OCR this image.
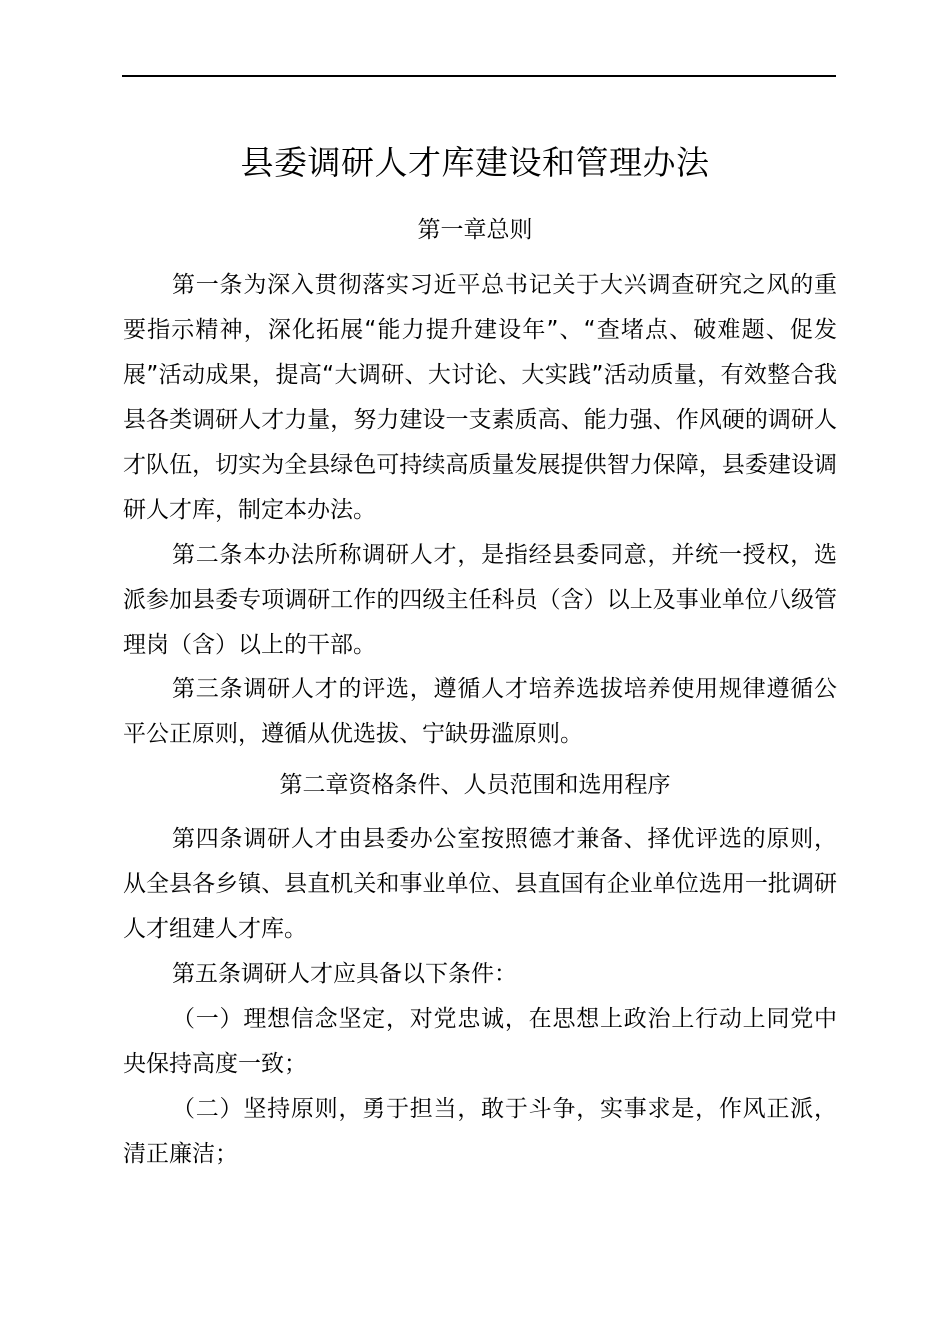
县委调研人才库建设和管理办法
第一章总则
第一条为深入贯彻落实习近平总书记关于大兴调查研究之风的重要指示精神，深化拓展“能力提升建设年”、“查堵点、破难题、促发展”活动成果，提高“大调研、大讨论、大实践”活动质量，有效整合我县各类调研人才力量，努力建设一支素质高、能力强、作风硬的调研人才队伍，切实为全县绿色可持续高质量发展提供智力保障，县委建设调研人才库，制定本办法。
第二条本办法所称调研人才，是指经县委同意，并统一授权，选派参加县委专项调研工作的四级主任科员（含）以上及事业单位八级管理岗（含）以上的干部。
第三条调研人才的评选，遵循人才培养选拔培养使用规律遵循公平公正原则，遵循从优选拔、宁缺毋滥原则。
第二章资格条件、人员范围和选用程序
第四条调研人才由县委办公室按照德才兼备、择优评选的原则，从全县各乡镇、县直机关和事业单位、县直国有企业单位选用一批调研人才组建人才库。
第五条调研人才应具备以下条件：
（一）理想信念坚定，对党忠诚，在思想上政治上行动上同党中央保持高度一致；
（二）坚持原则，勇于担当，敢于斗争，实事求是，作风正派，清正廉洁；
